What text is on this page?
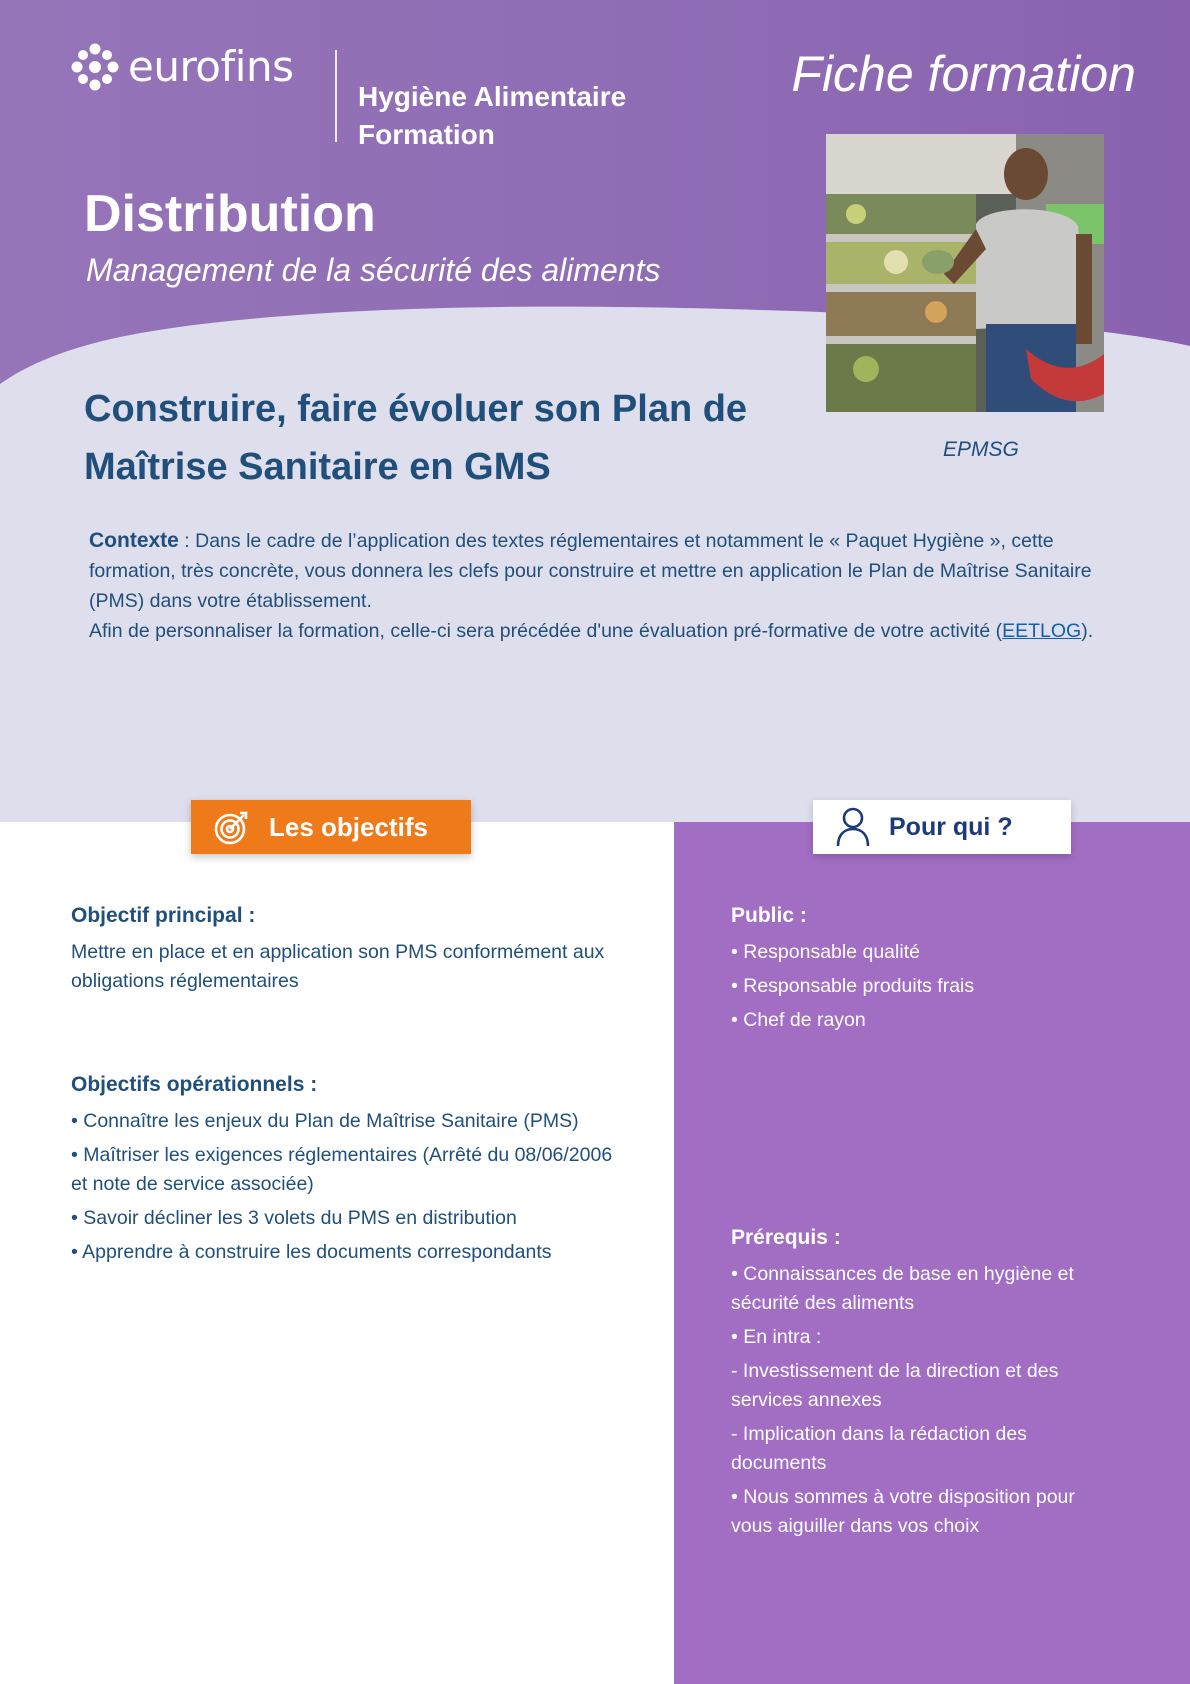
eurofins
Hygiène Alimentaire
Formation
Fiche formation
Distribution
Management de la sécurité des aliments
EPMSG
Construire, faire évoluer son Plan de Maîtrise Sanitaire en GMS

Contexte : Dans le cadre de l’application des textes réglementaires et notamment le « Paquet Hygiène », cette formation, très concrète, vous donnera les clefs pour construire et mettre en application le Plan de Maîtrise Sanitaire (PMS) dans votre établissement.

Afin de personnaliser la formation, celle-ci sera précédée d'une évaluation pré-formative de votre activité (EETLOG).

Les objectifs	Pour qui ?
Objectif principal :
Mettre en place et en application son PMS conformément aux obligations réglementaires
Objectifs opérationnels :
• Connaître les enjeux du Plan de Maîtrise Sanitaire (PMS)
• Maîtriser les exigences réglementaires (Arrêté du 08/06/2006 et note de service associée)
• Savoir décliner les 3 volets du PMS en distribution
• Apprendre à construire les documents correspondants
Public :
• Responsable qualité
• Responsable produits frais
• Chef de rayon
Prérequis :
• Connaissances de base en hygiène et sécurité des aliments
• En intra :
- Investissement de la direction et des services annexes
- Implication dans la rédaction des documents
• Nous sommes à votre disposition pour vous aiguiller dans vos choix
